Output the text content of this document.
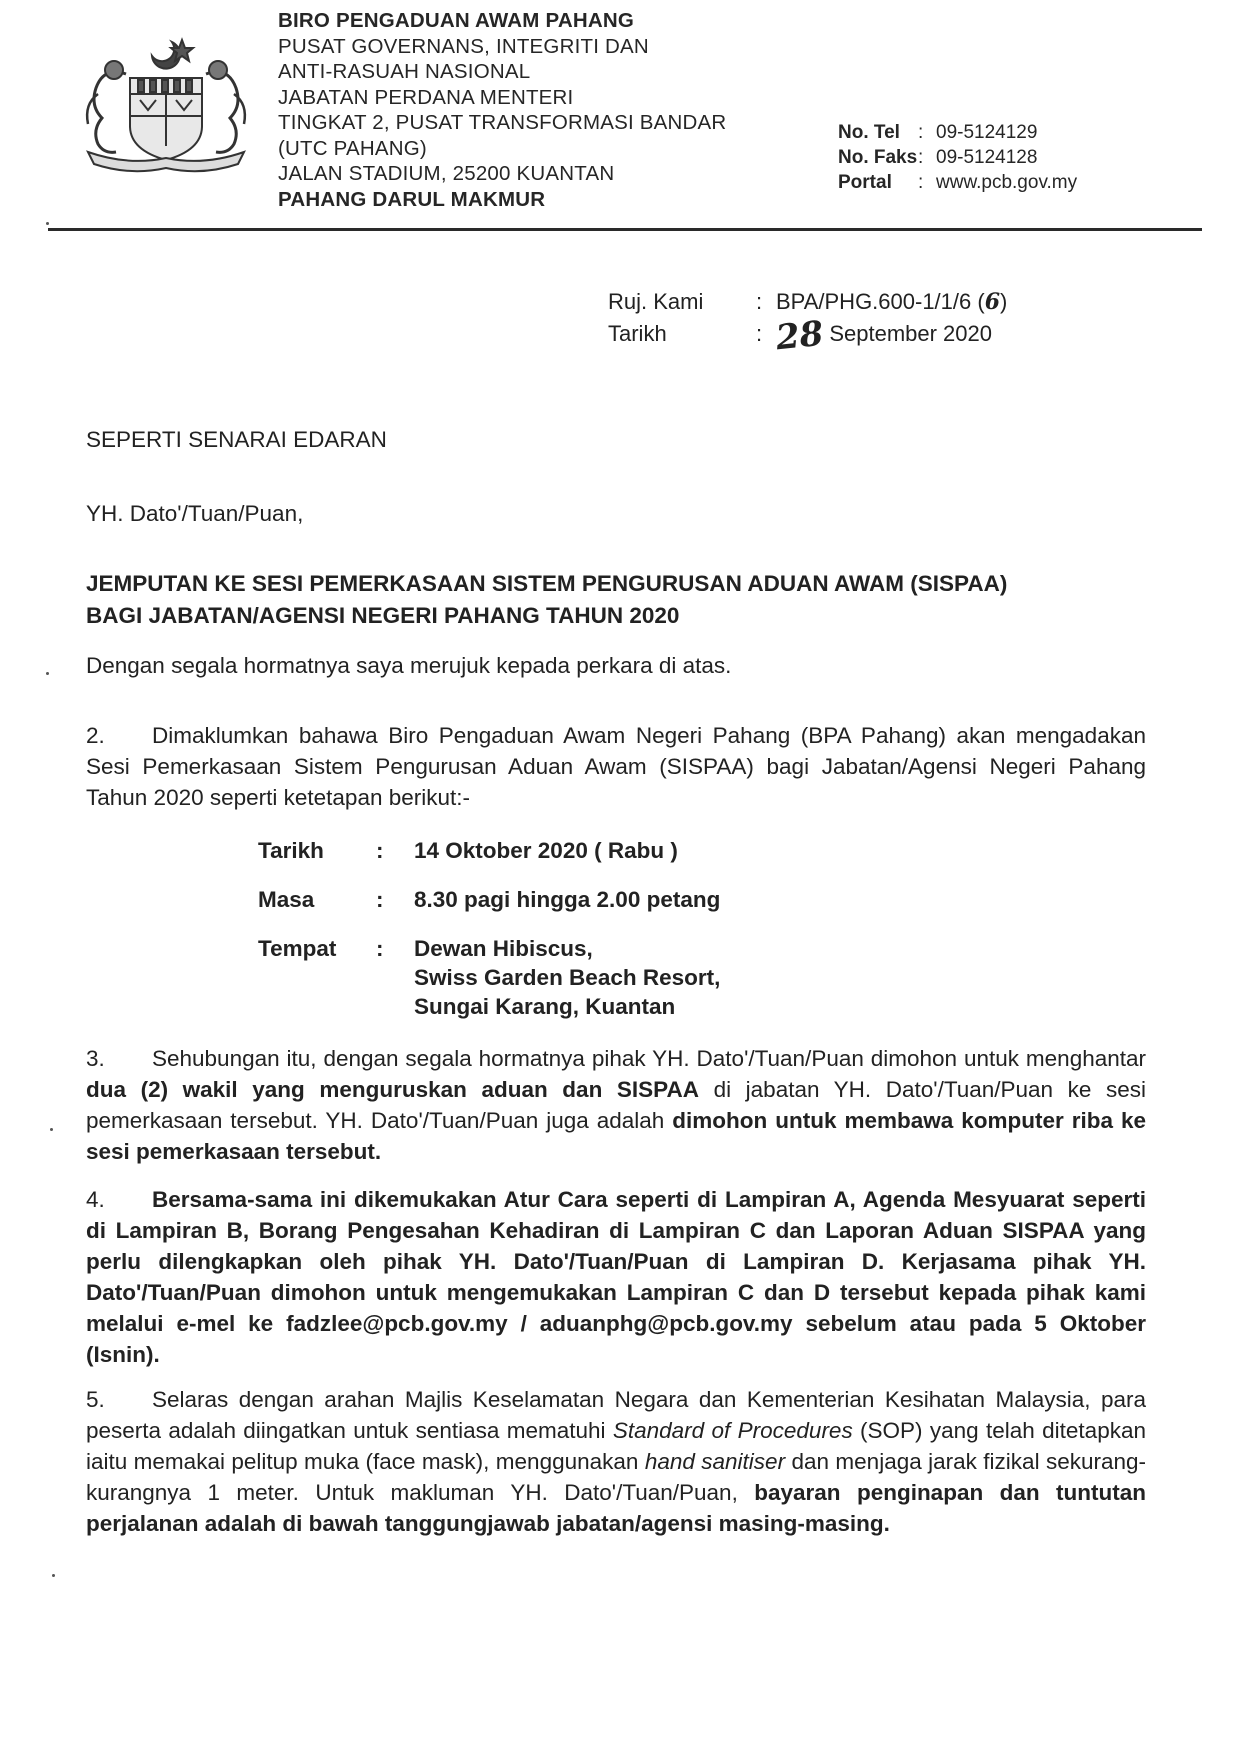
BIRO PENGADUAN AWAM PAHANG
PUSAT GOVERNANS, INTEGRITI DAN
ANTI-RASUAH NASIONAL
JABATAN PERDANA MENTERI
TINGKAT 2, PUSAT TRANSFORMASI BANDAR
(UTC PAHANG)
JALAN STADIUM, 25200 KUANTAN
PAHANG DARUL MAKMUR
No. Tel : 09-5124129
No. Faks : 09-5124128
Portal	: www.pcb.gov.my
Ruj. Kami	: BPA/PHG.600-1/1/6 (6)
Tarikh	: 28 September 2020
SEPERTI SENARAI EDARAN
YH. Dato'/Tuan/Puan,
JEMPUTAN KE SESI PEMERKASAAN SISTEM PENGURUSAN ADUAN AWAM (SISPAA)
BAGI JABATAN/AGENSI NEGERI PAHANG TAHUN 2020
Dengan segala hormatnya saya merujuk kepada perkara di atas.
2. Dimaklumkan bahawa Biro Pengaduan Awam Negeri Pahang (BPA Pahang) akan mengadakan Sesi Pemerkasaan Sistem Pengurusan Aduan Awam (SISPAA) bagi Jabatan/Agensi Negeri Pahang Tahun 2020 seperti ketetapan berikut:-
Tarikh	:	14 Oktober 2020 ( Rabu )
Masa	:	8.30 pagi hingga 2.00 petang
Tempat	:	Dewan Hibiscus,
Swiss Garden Beach Resort,
Sungai Karang, Kuantan
3. Sehubungan itu, dengan segala hormatnya pihak YH. Dato'/Tuan/Puan dimohon untuk menghantar dua (2) wakil yang menguruskan aduan dan SISPAA di jabatan YH. Dato'/Tuan/Puan ke sesi pemerkasaan tersebut. YH. Dato'/Tuan/Puan juga adalah dimohon untuk membawa komputer riba ke sesi pemerkasaan tersebut.
4. Bersama-sama ini dikemukakan Atur Cara seperti di Lampiran A, Agenda Mesyuarat seperti di Lampiran B, Borang Pengesahan Kehadiran di Lampiran C dan Laporan Aduan SISPAA yang perlu dilengkapkan oleh pihak YH. Dato'/Tuan/Puan di Lampiran D. Kerjasama pihak YH. Dato'/Tuan/Puan dimohon untuk mengemukakan Lampiran C dan D tersebut kepada pihak kami melalui e-mel ke fadzlee@pcb.gov.my / aduanphg@pcb.gov.my sebelum atau pada 5 Oktober (Isnin).
5. Selaras dengan arahan Majlis Keselamatan Negara dan Kementerian Kesihatan Malaysia, para peserta adalah diingatkan untuk sentiasa mematuhi Standard of Procedures (SOP) yang telah ditetapkan iaitu memakai pelitup muka (face mask), menggunakan hand sanitiser dan menjaga jarak fizikal sekurang-kurangnya 1 meter. Untuk makluman YH. Dato'/Tuan/Puan, bayaran penginapan dan tuntutan perjalanan adalah di bawah tanggungjawab jabatan/agensi masing-masing.
